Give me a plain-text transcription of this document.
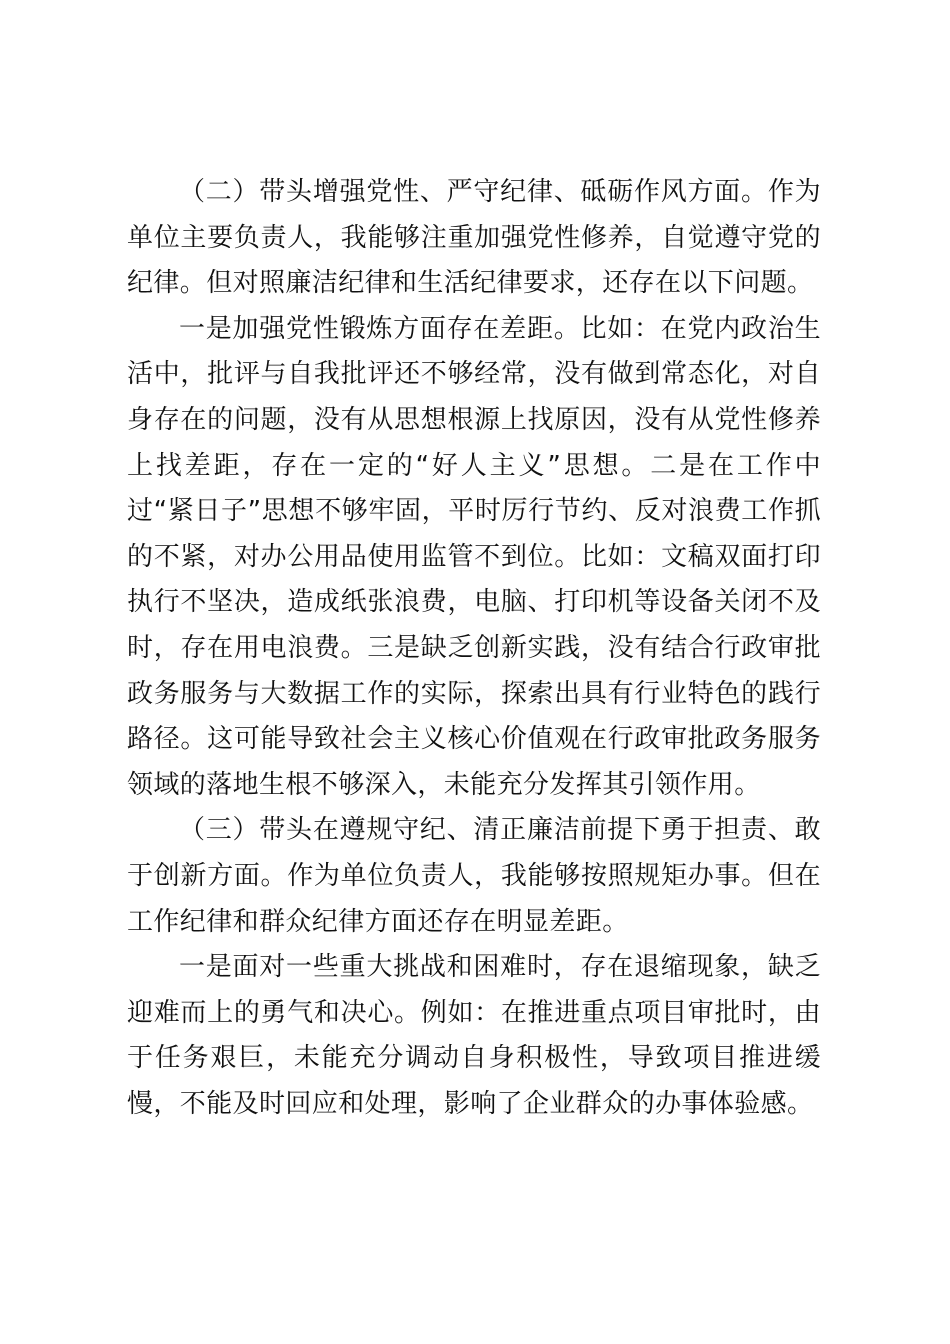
（二）带头增强党性、严守纪律、砥砺作风方面。作为单位主要负责人，我能够注重加强党性修养，自觉遵守党的纪律。但对照廉洁纪律和生活纪律要求，还存在以下问题。

一是加强党性锻炼方面存在差距。比如：在党内政治生活中，批评与自我批评还不够经常，没有做到常态化，对自身存在的问题，没有从思想根源上找原因，没有从党性修养上找差距，存在一定的“好人主义”思想。二是在工作中过“紧日子”思想不够牢固，平时厉行节约、反对浪费工作抓的不紧，对办公用品使用监管不到位。比如：文稿双面打印执行不坚决，造成纸张浪费，电脑、打印机等设备关闭不及时，存在用电浪费。三是缺乏创新实践，没有结合行政审批政务服务与大数据工作的实际，探索出具有行业特色的践行路径。这可能导致社会主义核心价值观在行政审批政务服务领域的落地生根不够深入，未能充分发挥其引领作用。

（三）带头在遵规守纪、清正廉洁前提下勇于担责、敢于创新方面。作为单位负责人，我能够按照规矩办事。但在工作纪律和群众纪律方面还存在明显差距。

一是面对一些重大挑战和困难时，存在退缩现象，缺乏迎难而上的勇气和决心。例如：在推进重点项目审批时，由于任务艰巨，未能充分调动自身积极性，导致项目推进缓慢，不能及时回应和处理，影响了企业群众的办事体验感。
